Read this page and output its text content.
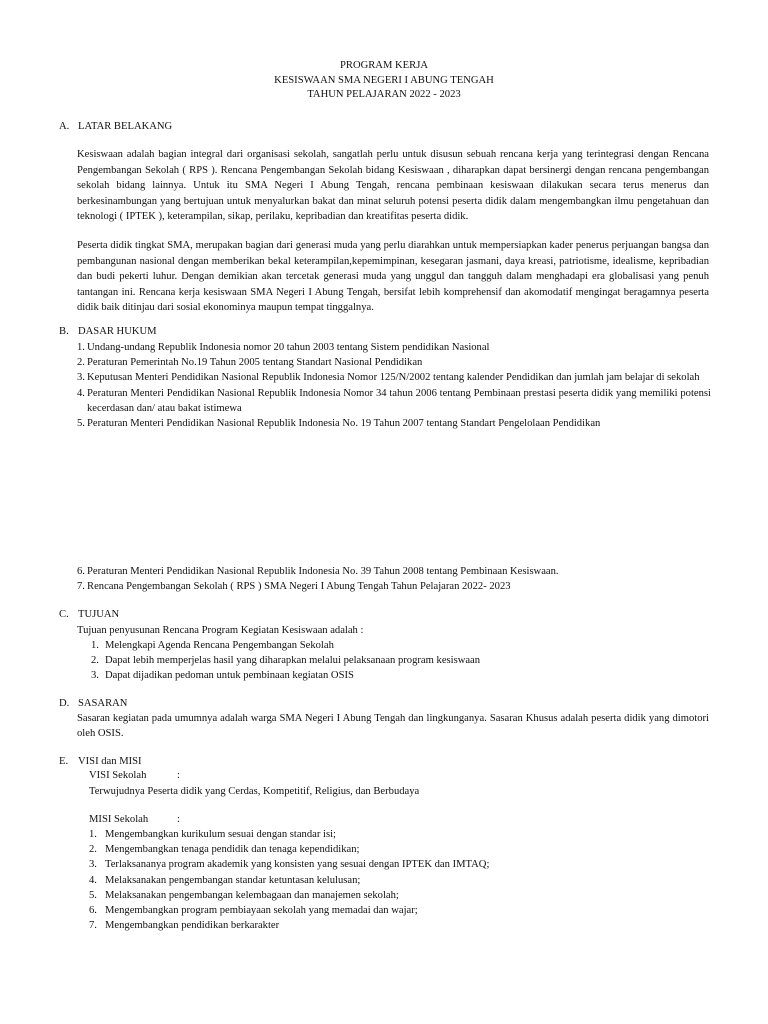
PROGRAM KERJA
KESISWAAN SMA NEGERI I ABUNG TENGAH
TAHUN PELAJARAN 2022 - 2023
A. LATAR BELAKANG
Kesiswaan adalah bagian integral dari organisasi sekolah, sangatlah perlu untuk disusun sebuah rencana kerja yang terintegrasi dengan Rencana Pengembangan Sekolah ( RPS ). Rencana Pengembangan Sekolah bidang Kesiswaan , diharapkan dapat bersinergi dengan rencana pengembangan sekolah bidang lainnya. Untuk itu SMA Negeri I Abung Tengah, rencana pembinaan kesiswaan dilakukan secara terus menerus dan berkesinambungan yang bertujuan untuk menyalurkan bakat dan minat seluruh potensi peserta didik dalam mengembangkan ilmu pengetahuan dan teknologi ( IPTEK ), keterampilan, sikap, perilaku, kepribadian dan kreatifitas peserta didik.
Peserta didik tingkat SMA, merupakan bagian dari generasi muda yang perlu diarahkan untuk mempersiapkan kader penerus perjuangan bangsa dan pembangunan nasional dengan memberikan bekal keterampilan,kepemimpinan, kesegaran jasmani, daya kreasi, patriotisme, idealisme, kepribadian dan budi pekerti luhur. Dengan demikian akan tercetak generasi muda yang unggul dan tangguh dalam menghadapi era globalisasi yang penuh tantangan ini. Rencana kerja kesiswaan SMA Negeri I Abung Tengah, bersifat lebih komprehensif dan akomodatif mengingat beragamnya peserta didik baik ditinjau dari sosial ekonominya maupun tempat tinggalnya.
B. DASAR HUKUM
1. Undang-undang Republik Indonesia nomor 20 tahun 2003 tentang Sistem pendidikan Nasional
2. Peraturan Pemerintah No.19 Tahun 2005 tentang Standart Nasional Pendidikan
3. Keputusan Menteri Pendidikan Nasional Republik Indonesia Nomor 125/N/2002 tentang kalender Pendidikan dan jumlah jam belajar di sekolah
4. Peraturan Menteri Pendidikan Nasional Republik Indonesia Nomor 34 tahun 2006 tentang Pembinaan prestasi peserta didik yang memiliki potensi kecerdasan dan/ atau bakat istimewa
5. Peraturan Menteri Pendidikan Nasional Republik Indonesia No. 19 Tahun 2007 tentang Standart Pengelolaan Pendidikan
6. Peraturan Menteri Pendidikan Nasional Republik Indonesia No. 39 Tahun 2008 tentang Pembinaan Kesiswaan.
7. Rencana Pengembangan Sekolah ( RPS ) SMA Negeri I Abung Tengah Tahun Pelajaran 2022- 2023
C. TUJUAN
Tujuan penyusunan Rencana Program Kegiatan Kesiswaan adalah :
1. Melengkapi Agenda Rencana Pengembangan Sekolah
2. Dapat lebih memperjelas hasil yang diharapkan melalui pelaksanaan program kesiswaan
3. Dapat dijadikan pedoman untuk pembinaan kegiatan OSIS
D. SASARAN
Sasaran kegiatan pada umumnya adalah warga SMA Negeri I Abung Tengah dan lingkunganya. Sasaran Khusus adalah peserta didik yang dimotori oleh OSIS.
E. VISI dan MISI
VISI Sekolah	:
Terwujudnya Peserta didik yang Cerdas, Kompetitif, Religius, dan Berbudaya
MISI Sekolah	:
1. Mengembangkan kurikulum sesuai dengan standar isi;
2. Mengembangkan tenaga pendidik dan tenaga kependidikan;
3. Terlaksananya program akademik yang konsisten yang sesuai dengan IPTEK dan IMTAQ;
4. Melaksanakan pengembangan standar ketuntasan kelulusan;
5. Melaksanakan pengembangan kelembagaan dan manajemen sekolah;
6. Mengembangkan program pembiayaan sekolah yang memadai dan wajar;
7. Mengembangkan pendidikan berkarakter
